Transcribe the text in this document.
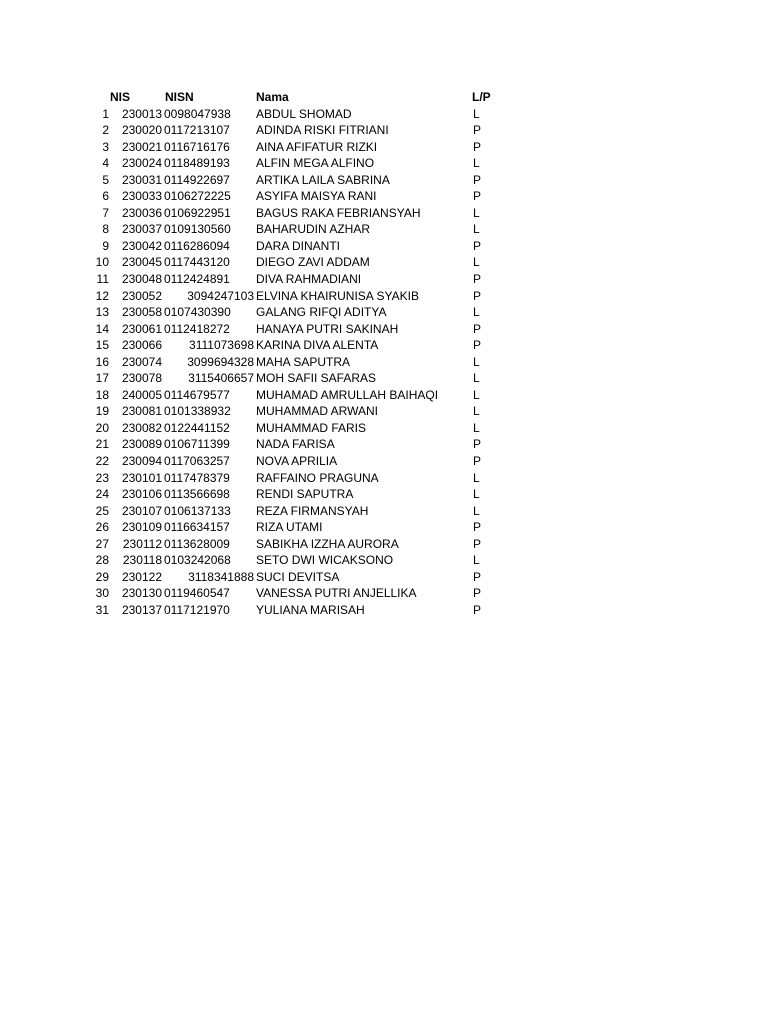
NIS	NISN	Nama	L/P
1 230013 0098047938 ABDUL SHOMAD	L
2 230020 0117213107 ADINDA RISKI FITRIANI	P
3 230021 0116716176 AINA AFIFATUR RIZKI	P
4 230024 0118489193 ALFIN MEGA ALFINO	L
5 230031 0114922697 ARTIKA LAILA SABRINA	P
6 230033 0106272225 ASYIFA MAISYA RANI	P
7 230036 0106922951 BAGUS RAKA FEBRIANSYAH	L
8 230037 0109130560 BAHARUDIN AZHAR	L
9 230042 0116286094 DARA DINANTI	P
10 230045 0117443120 DIEGO ZAVI ADDAM	L
11 230048 0112424891 DIVA RAHMADIANI	P
12 230052 3094247103 ELVINA KHAIRUNISA SYAKIB	P
13 230058 0107430390 GALANG RIFQI ADITYA	L
14 230061 0112418272 HANAYA PUTRI SAKINAH	P
15 230066 3111073698 KARINA DIVA ALENTA	P
16 230074 3099694328 MAHA SAPUTRA	L
17 230078 3115406657 MOH SAFII SAFARAS	L
18 240005 0114679577 MUHAMAD AMRULLAH BAIHAQI	L
19 230081 0101338932 MUHAMMAD ARWANI	L
20 230082 0122441152 MUHAMMAD FARIS	L
21 230089 0106711399 NADA FARISA	P
22 230094 0117063257 NOVA APRILIA	P
23 230101 0117478379 RAFFAINO PRAGUNA	L
24 230106 0113566698 RENDI SAPUTRA	L
25 230107 0106137133 REZA FIRMANSYAH	L
26 230109 0116634157 RIZA UTAMI	P
27 230112 0113628009 SABIKHA IZZHA AURORA	P
28 230118 0103242068 SETO DWI WICAKSONO	L
29 230122 3118341888 SUCI DEVITSA	P
30 230130 0119460547 VANESSA PUTRI ANJELLIKA	P
31 230137 0117121970 YULIANA MARISAH	P
